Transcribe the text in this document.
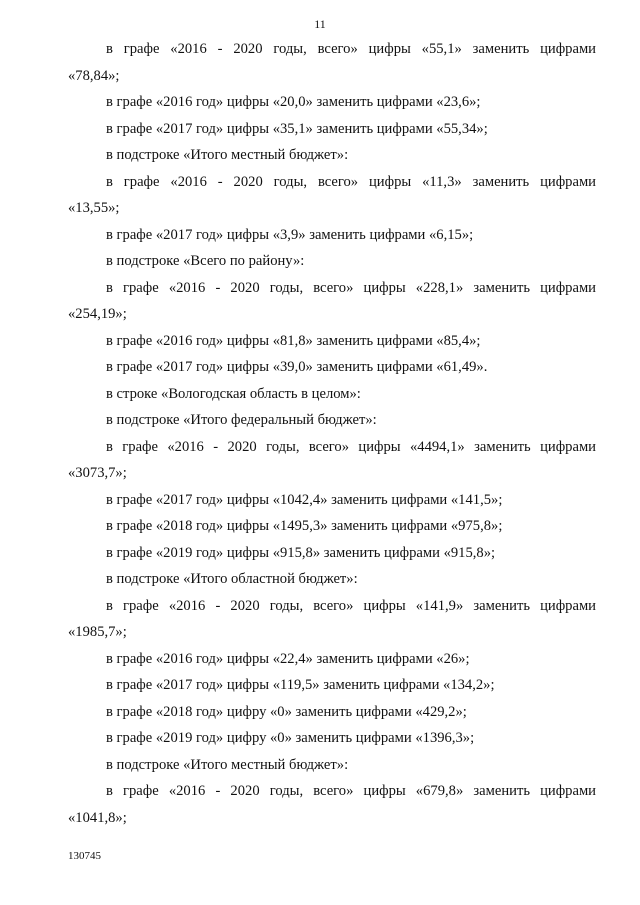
11
в графе «2016 - 2020 годы, всего» цифры «55,1» заменить цифрами
«78,84»;
в графе «2016 год» цифры «20,0» заменить цифрами «23,6»;
в графе «2017 год» цифры «35,1» заменить цифрами «55,34»;
в подстроке «Итого местный бюджет»:
в графе «2016 - 2020 годы, всего» цифры «11,3» заменить цифрами
«13,55»;
в графе «2017 год» цифры «3,9» заменить цифрами «6,15»;
в подстроке «Всего по району»:
в графе «2016 - 2020 годы, всего» цифры «228,1» заменить цифрами
«254,19»;
в графе «2016 год» цифры «81,8» заменить цифрами «85,4»;
в графе «2017 год» цифры «39,0» заменить цифрами «61,49».
в строке «Вологодская область в целом»:
в подстроке «Итого федеральный бюджет»:
в графе «2016 - 2020 годы, всего» цифры «4494,1» заменить цифрами
«3073,7»;
в графе «2017 год» цифры «1042,4» заменить цифрами «141,5»;
в графе «2018 год» цифры «1495,3» заменить цифрами «975,8»;
в графе «2019 год» цифры «915,8» заменить цифрами «915,8»;
в подстроке «Итого областной бюджет»:
в графе «2016 - 2020 годы, всего» цифры «141,9» заменить цифрами
«1985,7»;
в графе «2016 год» цифры «22,4» заменить цифрами «26»;
в графе «2017 год» цифры «119,5» заменить цифрами «134,2»;
в графе «2018 год» цифру «0» заменить цифрами «429,2»;
в графе «2019 год» цифру «0» заменить цифрами «1396,3»;
в подстроке «Итого местный бюджет»:
в графе «2016 - 2020 годы, всего» цифры «679,8» заменить цифрами
«1041,8»;
130745
